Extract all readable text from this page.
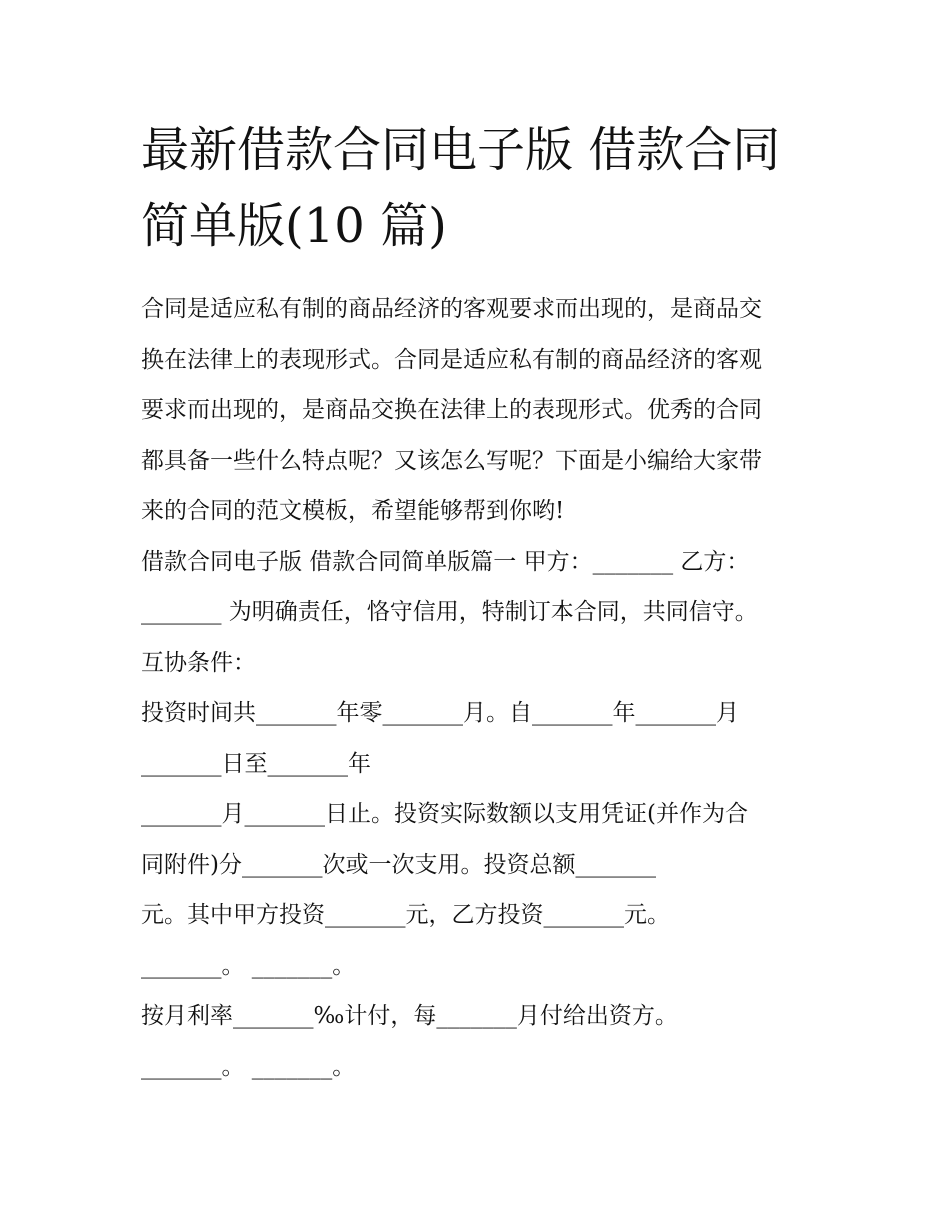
最新借款合同电子版 借款合同
简单版(10 篇)
合同是适应私有制的商品经济的客观要求而出现的，是商品交
换在法律上的表现形式。合同是适应私有制的商品经济的客观
要求而出现的，是商品交换在法律上的表现形式。优秀的合同
都具备一些什么特点呢？又该怎么写呢？下面是小编给大家带
来的合同的范文模板，希望能够帮到你哟!
借款合同电子版 借款合同简单版篇一 甲方：_______ 乙方：
_______ 为明确责任，恪守信用，特制订本合同，共同信守。
互协条件：
投资时间共_______年零_______月。自_______年_______月
_______日至_______年
_______月_______日止。投资实际数额以支用凭证(并作为合
同附件)分_______次或一次支用。投资总额_______
元。其中甲方投资_______元，乙方投资_______元。
_______。 _______。
按月利率_______‰计付，每_______月付给出资方。
_______。 _______。
